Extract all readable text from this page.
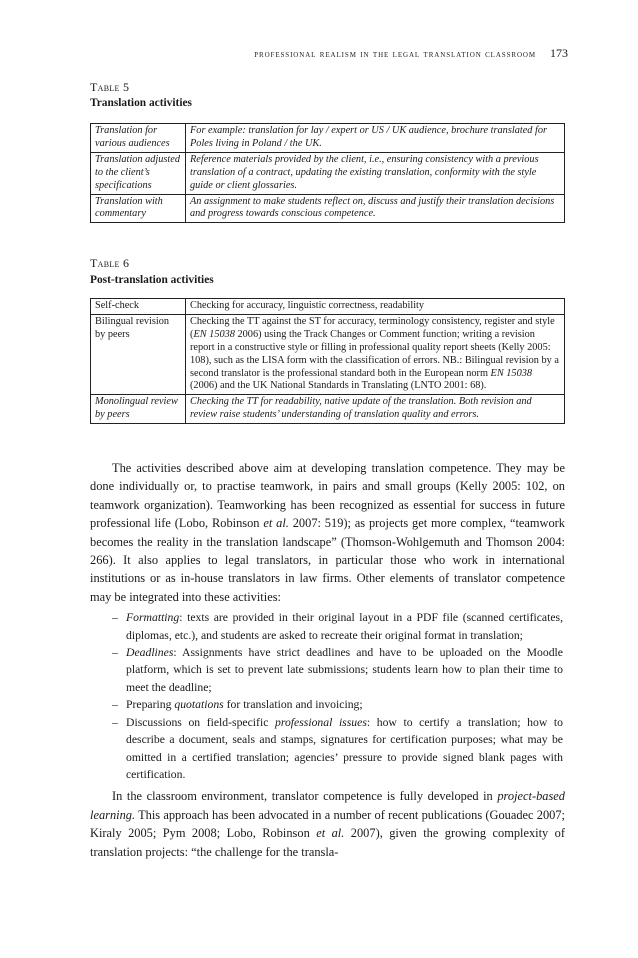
professional realism in the legal translation classroom 173
Table 5
Translation activities
Translation for various audiences	For example: translation for lay / expert or US / UK audience, brochure translated for Poles living in Poland / the UK.
Translation adjusted to the client’s specifications	Reference materials provided by the client, i.e., ensuring consistency with a previous translation of a contract, updating the existing translation, conformity with the style guide or client glossaries.
Translation with commentary	An assignment to make students reflect on, discuss and justify their translation decisions and progress towards conscious competence.
Table 6
Post-translation activities
Self-check	Checking for accuracy, linguistic correctness, readability
Bilingual revision by peers	Checking the TT against the ST for accuracy, terminology consistency, register and style (EN 15038 2006) using the Track Changes or Comment function; writing a revision report in a constructive style or filling in professional quality report sheets (Kelly 2005: 108), such as the LISA form with the classification of errors. NB.: Bilingual revision by a second translator is the professional standard both in the European norm EN 15038 (2006) and the UK National Standards in Translating (LNTO 2001: 68).
Monolingual review by peers	Checking the TT for readability, native update of the translation. Both revision and review raise students’ understanding of translation quality and errors.

The activities described above aim at developing translation competence. They may be done individually or, to practise teamwork, in pairs and small groups (Kelly 2005: 102, on teamwork organization). Teamworking has been recognized as essential for success in future professional life (Lobo, Robinson et al. 2007: 519); as projects get more complex, “teamwork becomes the reality in the translation landscape” (Thomson-Wohlgemuth and Thomson 2004: 266). It also applies to legal translators, in particular those who work in international institutions or as in-house translators in law firms. Other elements of translator competence may be integrated into these activities:

– Formatting: texts are provided in their original layout in a PDF file (scanned certificates, diplomas, etc.), and students are asked to recreate their original format in translation;
– Deadlines: Assignments have strict deadlines and have to be uploaded on the Moodle platform, which is set to prevent late submissions; students learn how to plan their time to meet the deadline;
– Preparing quotations for translation and invoicing;
– Discussions on field-specific professional issues: how to certify a translation; how to describe a document, seals and stamps, signatures for certification purposes; what may be omitted in a certified translation; agencies’ pressure to provide signed blank pages with certification.

In the classroom environment, translator competence is fully developed in project-based learning. This approach has been advocated in a number of recent publications (Gouadec 2007; Kiraly 2005; Pym 2008; Lobo, Robinson et al. 2007), given the growing complexity of translation projects: “the challenge for the transla-
